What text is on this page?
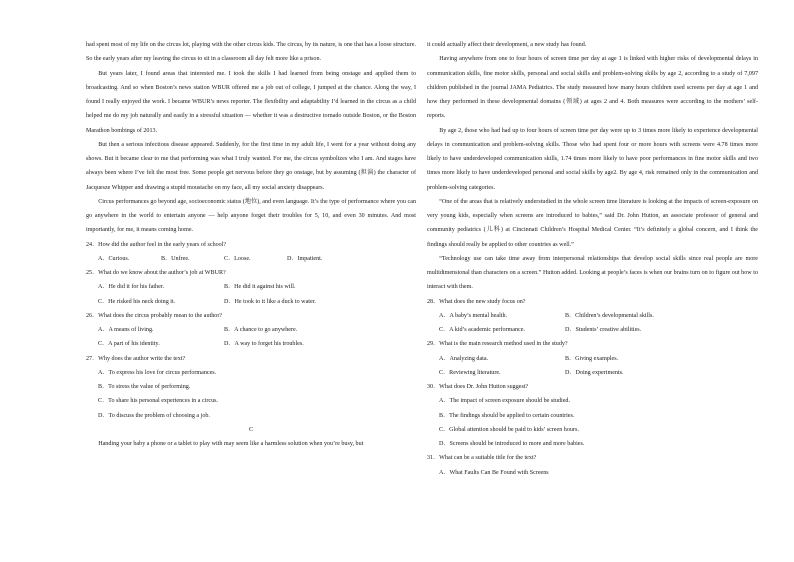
had spent most of my life on the circus lot, playing with the other circus kids. The circus, by its nature, is one that has a loose structure. So the early years after my leaving the circus to sit in a classroom all day felt more like a prison.

But years later, I found areas that interested me. I took the skills I had learned from being onstage and applied them to broadcasting. And so when Boston’s news station WBUR offered me a job out of college, I jumped at the chance. Along the way, I found I really enjoyed the work. I became WBUR’s news reporter. The flexibility and adaptability I’d learned in the circus as a child helped me do my job naturally and easily in a stressful situation — whether it was a destructive tornado outside Boston, or the Boston Marathon bombings of 2013.

But then a serious infectious disease appeared. Suddenly, for the first time in my adult life, I went for a year without doing any shows. But it became clear to me that performing was what I truly wanted. For me, the circus symbolizes who I am. And stages have always been where I’ve felt the most free. Some people get nervous before they go onstage, but by assuming (担演) the character of Jacquesze Whipper and drawing a stupid moustache on my face, all my social anxiety disappears.

Circus performances go beyond age, socioeconomic status (地位), and even language. It’s the type of performance where you can go anywhere in the world to entertain anyone — help anyone forget their troubles for 5, 10, and even 30 minutes. And most importantly, for me, it means coming home.

24．How did the author feel in the early years of school?

A．Curious.	B．Unfree.	C．Loose.	D．Impatient.

25．What do we know about the author’s job at WBUR?

A．He did it for his father.	B．He did it against his will.
C．He risked his neck doing it.	D．He took to it like a duck to water.

26．What does the circus probably mean to the author?

A．A means of living.	B．A chance to go anywhere.
C．A part of his identity.	D．A way to forget his troubles.

27．Why does the author write the text?

A．To express his love for circus performances.
B．To stress the value of performing.
C．To share his personal experiences in a circus.
D．To discuss the problem of choosing a job.

C

Handing your baby a phone or a tablet to play with may seem like a harmless solution when you’re busy, but

it could actually affect their development, a new study has found.

Having anywhere from one to four hours of screen time per day at age 1 is linked with higher risks of developmental delays in communication skills, fine motor skills, personal and social skills and problem-solving skills by age 2, according to a study of 7,097 children published in the journal JAMA Pediatrics. The study measured how many hours children used screens per day at age 1 and how they performed in these developmental domains (领域) at ages 2 and 4. Both measures were according to the mothers’ self-reports.

By age 2, those who had had up to four hours of screen time per day were up to 3 times more likely to experience developmental delays in communication and problem-solving skills. Those who had spent four or more hours with screens were 4.78 times more likely to have underdeveloped communication skills, 1.74 times more likely to have poor performances in fine motor skills and two times more likely to have underdeveloped personal and social skills by age2. By age 4, risk remained only in the communication and problem-solving categories.

“One of the areas that is relatively understudied in the whole screen time literature is looking at the impacts of screen-exposure on very young kids, especially when screens are introduced to babies,” said Dr. John Hutton, an associate professor of general and community pediatrics (儿科) at Cincinnati Children’s Hospital Medical Center. “It’s definitely a global concern, and I think the findings should really be applied to other countries as well.”

“Technology use can take time away from interpersonal relationships that develop social skills since real people are more multidimensional than characters on a screen.” Hutton added. Looking at people’s faces is when our brains turn on to figure out how to interact with them.

28．What does the new study focus on?

A．A baby’s mental health.	B．Children’s developmental skills.
C．A kid’s academic performance.	D．Students’ creative abilities.

29．What is the main research method used in the study?

A．Analyzing data.	B．Giving examples.
C．Reviewing literature.	D．Doing experiments.

30．What does Dr. John Hutton suggest?

A．The impact of screen exposure should be studied.
B．The findings should be applied to certain countries.
C．Global attention should be paid to kids’ screen hours.
D．Screens should be introduced to more and more babies.

31．What can be a suitable title for the text?

A．What Faults Can Be Found with Screens
